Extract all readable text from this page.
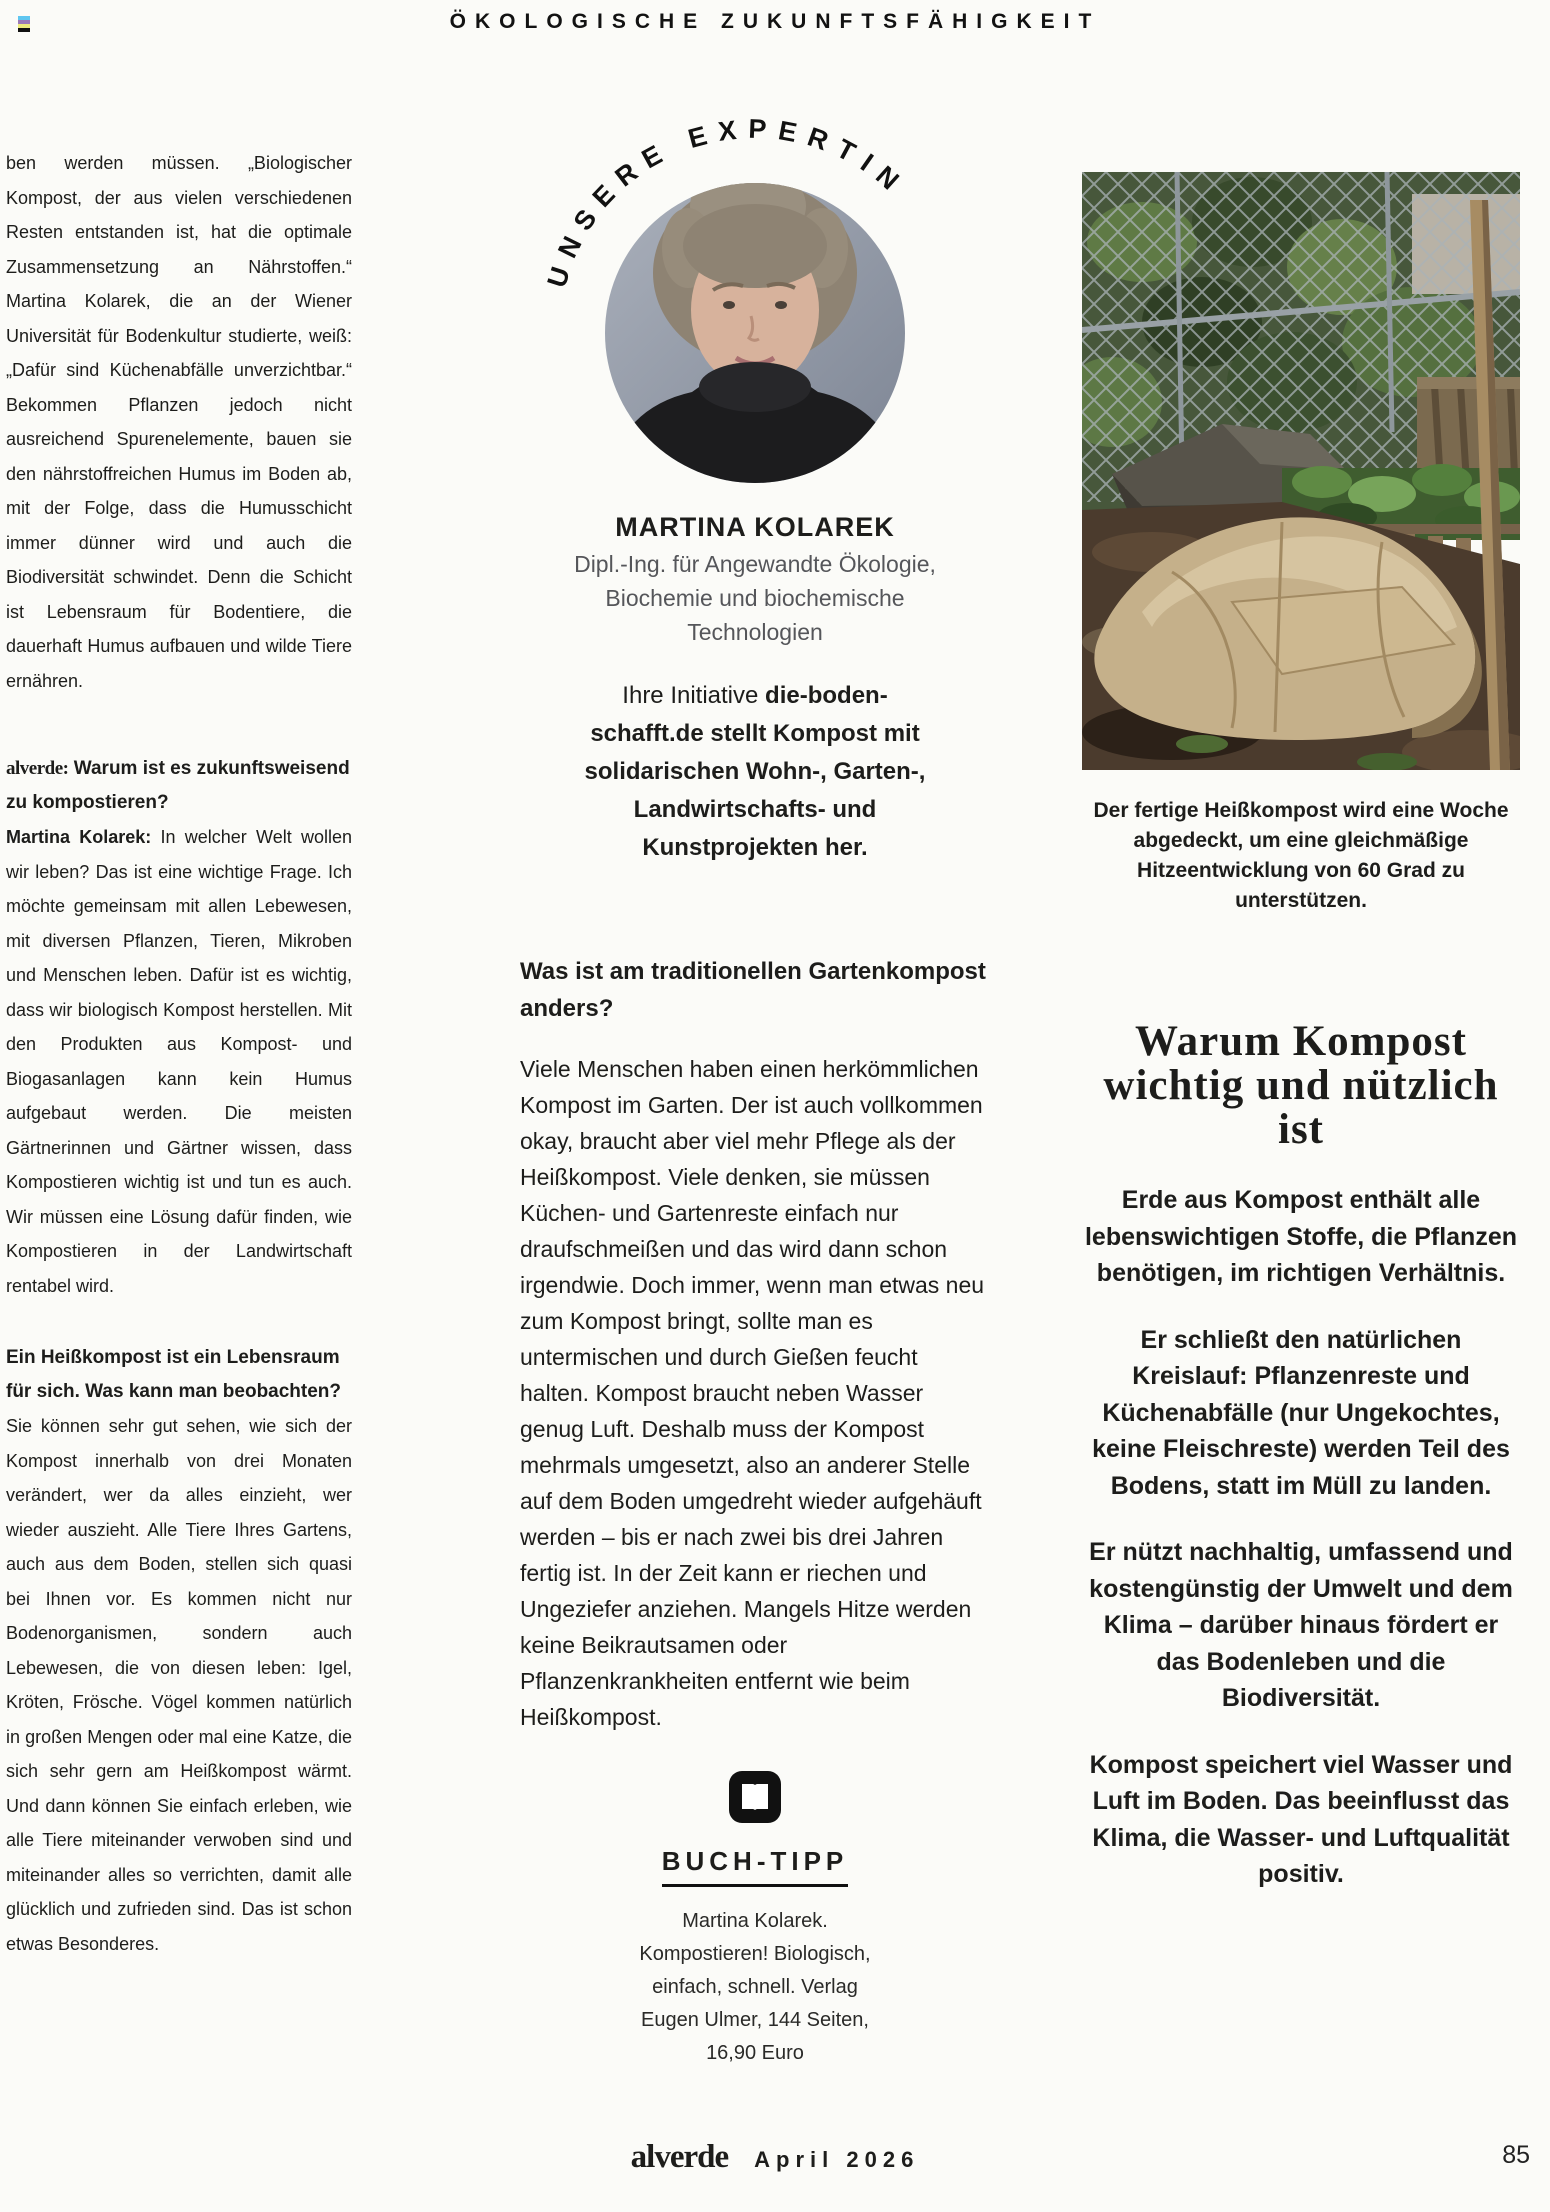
ÖKOLOGISCHE ZUKUNFTSFÄHIGKEIT

ben werden müssen. „Biologischer Kompost, der aus vielen verschiedenen Resten entstanden ist, hat die optimale Zusammensetzung an Nährstoffen.“ Martina Kolarek, die an der Wiener Universität für Bodenkultur studierte, weiß: „Dafür sind Küchenabfälle unverzichtbar.“ Bekommen Pflanzen jedoch nicht ausreichend Spurenelemente, bauen sie den nährstoffreichen Humus im Boden ab, mit der Folge, dass die Humusschicht immer dünner wird und auch die Biodiversität schwindet. Denn die Schicht ist Lebensraum für Bodentiere, die dauerhaft Humus aufbauen und wilde Tiere ernähren.

alverde: Warum ist es zukunftsweisend zu kompostieren?

Martina Kolarek: In welcher Welt wollen wir leben? Das ist eine wichtige Frage. Ich möchte gemeinsam mit allen Lebewesen, mit diversen Pflanzen, Tieren, Mikroben und Menschen leben. Dafür ist es wichtig, dass wir biologisch Kompost herstellen. Mit den Produkten aus Kompost- und Biogasanlagen kann kein Humus aufgebaut werden. Die meisten Gärtnerinnen und Gärtner wissen, dass Kompostieren wichtig ist und tun es auch. Wir müssen eine Lösung dafür finden, wie Kompostieren in der Landwirtschaft rentabel wird.

Ein Heißkompost ist ein Lebensraum für sich. Was kann man beobachten?

Sie können sehr gut sehen, wie sich der Kompost innerhalb von drei Monaten verändert, wer da alles einzieht, wer wieder auszieht. Alle Tiere Ihres Gartens, auch aus dem Boden, stellen sich quasi bei Ihnen vor. Es kommen nicht nur Bodenorganismen, sondern auch Lebewesen, die von diesen leben: Igel, Kröten, Frösche. Vögel kommen natürlich in großen Mengen oder mal eine Katze, die sich sehr gern am Heißkompost wärmt. Und dann können Sie einfach erleben, wie alle Tiere miteinander verwoben sind und miteinander alles so verrichten, damit alle glücklich und zufrieden sind. Das ist schon etwas Besonderes.

UNSERE EXPERTIN
MARTINA KOLAREK
Dipl.-Ing. für Angewandte Ökologie, Biochemie und biochemische Technologien
Ihre Initiative die-boden-schafft.de stellt Kompost mit solidarischen Wohn-, Garten-, Landwirtschafts- und Kunstprojekten her.

Was ist am traditionellen Gartenkompost anders?

Viele Menschen haben einen herkömmlichen Kompost im Garten. Der ist auch vollkommen okay, braucht aber viel mehr Pflege als der Heißkompost. Viele denken, sie müssen Küchen- und Gartenreste einfach nur draufschmeißen und das wird dann schon irgendwie. Doch immer, wenn man etwas neu zum Kompost bringt, sollte man es untermischen und durch Gießen feucht halten. Kompost braucht neben Wasser genug Luft. Deshalb muss der Kompost mehrmals umgesetzt, also an anderer Stelle auf dem Boden umgedreht wieder aufgehäuft werden – bis er nach zwei bis drei Jahren fertig ist. In der Zeit kann er riechen und Ungeziefer anziehen. Mangels Hitze werden keine Beikrautsamen oder Pflanzenkrankheiten entfernt wie beim Heißkompost.

BUCH-TIPP
Martina Kolarek. Kompostieren! Biologisch, einfach, schnell. Verlag Eugen Ulmer, 144 Seiten, 16,90 Euro
Der fertige Heißkompost wird eine Woche abgedeckt, um eine gleichmäßige Hitzeentwicklung von 60 Grad zu unterstützen.
Warum Kompost wichtig und nützlich ist

Erde aus Kompost enthält alle lebenswichtigen Stoffe, die Pflanzen benötigen, im richtigen Verhältnis.

Er schließt den natürlichen Kreislauf: Pflanzenreste und Küchenabfälle (nur Ungekochtes, keine Fleischreste) werden Teil des Bodens, statt im Müll zu landen.

Er nützt nachhaltig, umfassend und kostengünstig der Umwelt und dem Klima – darüber hinaus fördert er das Bodenleben und die Biodiversität.

Kompost speichert viel Wasser und Luft im Boden. Das beeinflusst das Klima, die Wasser- und Luftqualität positiv.

alverde April 2026	85
